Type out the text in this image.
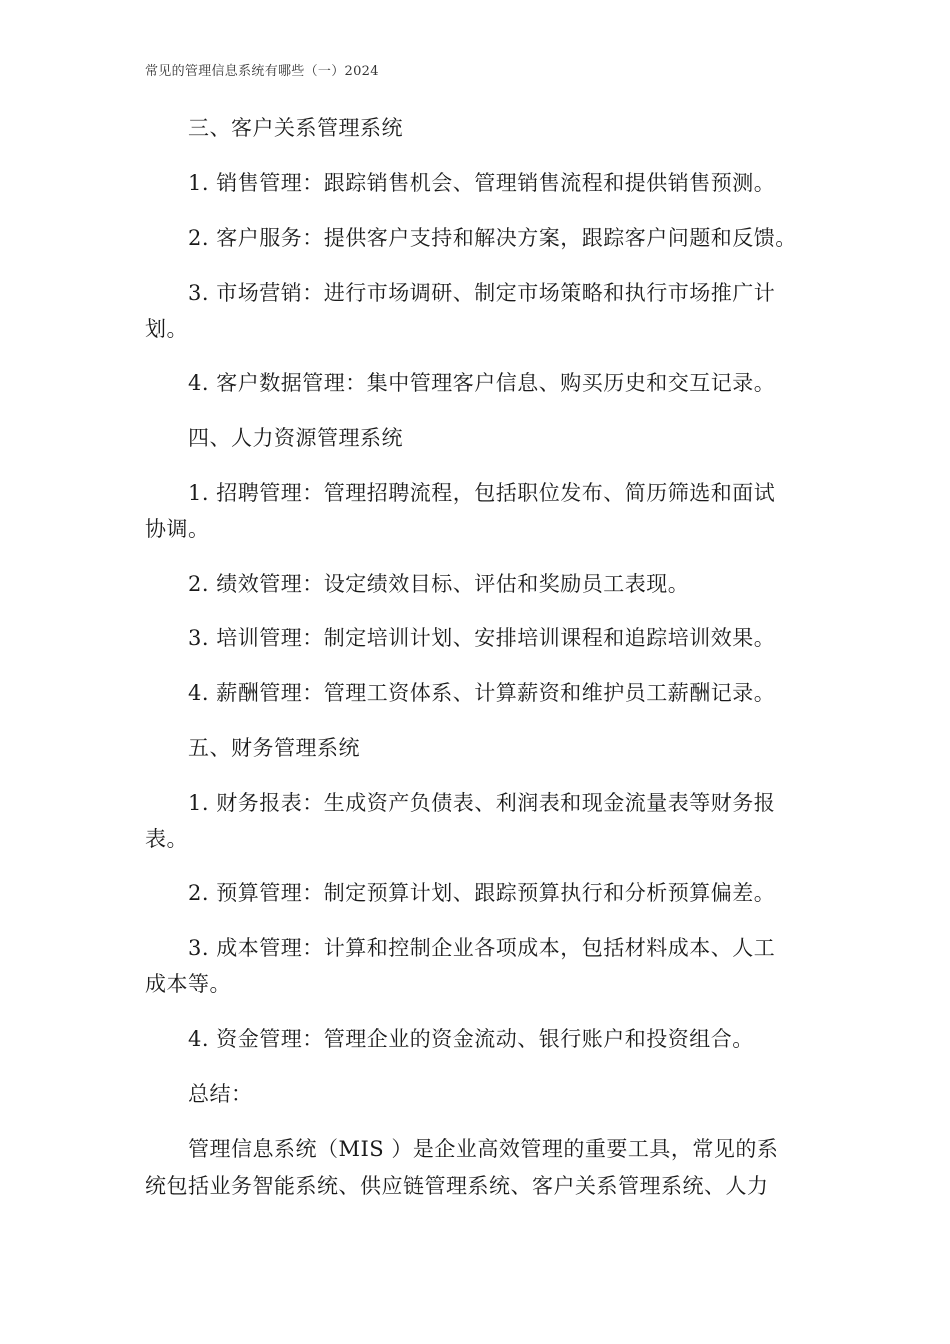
常见的管理信息系统有哪些（一）2024
三、客户关系管理系统
1. 销售管理：跟踪销售机会、管理销售流程和提供销售预测。
2. 客户服务：提供客户支持和解决方案，跟踪客户问题和反馈。
3. 市场营销：进行市场调研、制定市场策略和执行市场推广计
划。
4. 客户数据管理：集中管理客户信息、购买历史和交互记录。
四、人力资源管理系统
1. 招聘管理：管理招聘流程，包括职位发布、简历筛选和面试
协调。
2. 绩效管理：设定绩效目标、评估和奖励员工表现。
3. 培训管理：制定培训计划、安排培训课程和追踪培训效果。
4. 薪酬管理：管理工资体系、计算薪资和维护员工薪酬记录。
五、财务管理系统
1. 财务报表：生成资产负债表、利润表和现金流量表等财务报
表。
2. 预算管理：制定预算计划、跟踪预算执行和分析预算偏差。
3. 成本管理：计算和控制企业各项成本，包括材料成本、人工
成本等。
4. 资金管理：管理企业的资金流动、银行账户和投资组合。
总结：
管理信息系统（MIS ）是企业高效管理的重要工具，常见的系
统包括业务智能系统、供应链管理系统、客户关系管理系统、人力
